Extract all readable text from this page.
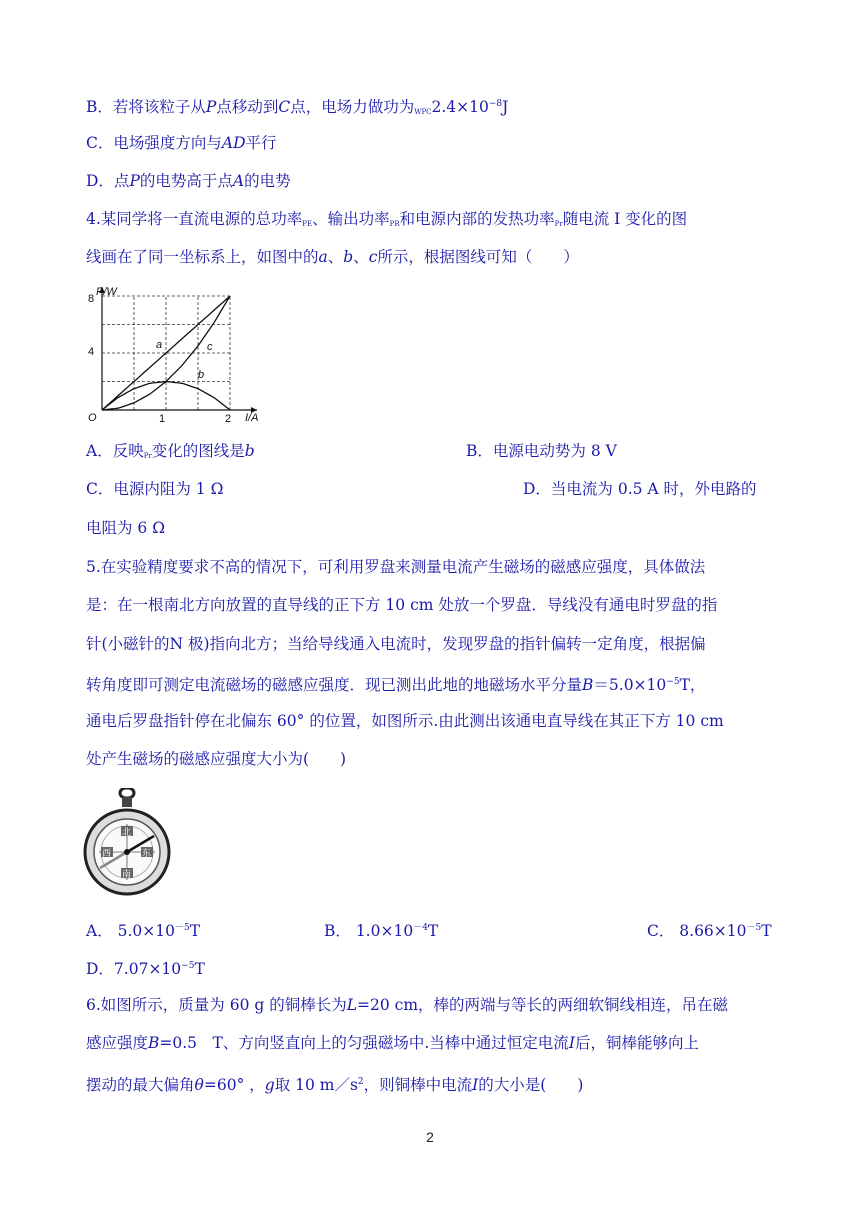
B．若将该粒子从P点移动到C点，电场力做功为$_{WPC}2.4\times 10^{-8}J$
C．电场强度方向与AD平行
D．点P的电势高于点A的电势
4.某同学将一直流电源的总功率$_{PE}$、输出功率$_{PR}$和电源内部的发热功率$_{Pr}$随电流 I 变化的图
线画在了同一坐标系上，如图中的a、b、c所示，根据图线可知（　　）
P/W
I/A
O
4
8
1	2
a	c
b
A．反映$_{Pr}$变化的图线是b	B．电源电动势为 8 V
C．电源内阻为 1 Ω	D．当电流为 0.5 A 时，外电路的
电阻为 6 Ω
5.在实验精度要求不高的情况下，可利用罗盘来测量电流产生磁场的磁感应强度，具体做法
是：在一根南北方向放置的直导线的正下方 10 cm 处放一个罗盘．导线没有通电时罗盘的指
针(小磁针的N 极)指向北方；当给导线通入电流时，发现罗盘的指针偏转一定角度，根据偏
转角度即可测定电流磁场的磁感应强度．现已测出此地的地磁场水平分量$B=5.0\times 10^{-5}T$，
通电后罗盘指针停在北偏东 60° 的位置，如图所示.由此测出该通电直导线在其正下方 10 cm
处产生磁场的磁感应强度大小为(　　)
北
南
西	东
A． $5.0\times 10^{-5}T$	B． $1.0\times 10^{-4}T$	C． $8.66\times 10^{-5}T$
D．$7.07\times 10^{-5}T$
6.如图所示，质量为 60 g 的铜棒长为L=20 cm，棒的两端与等长的两细软铜线相连，吊在磁
感应强度B=0.5　T、方向竖直向上的匀强磁场中.当棒中通过恒定电流I后，铜棒能够向上
摆动的最大偏角θ=60° ，g取 10 $m/s^2$，则铜棒中电流I的大小是(　　)
2
